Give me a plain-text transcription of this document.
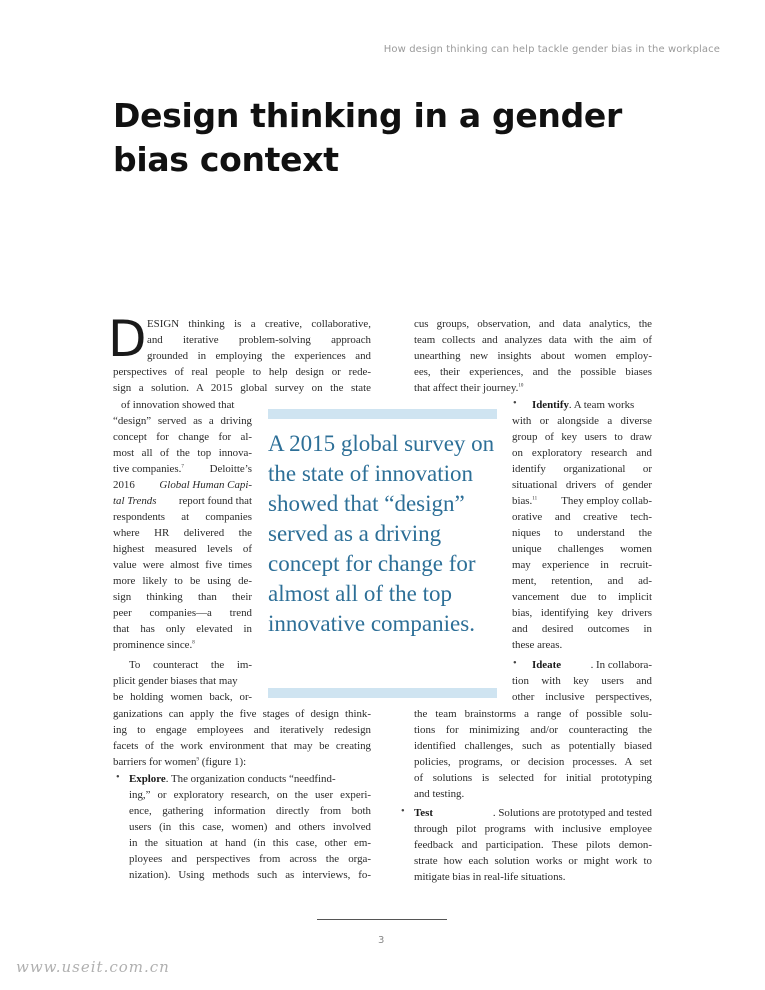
How design thinking can help tackle gender bias in the workplace
Design thinking in a gender bias context
D ESIGN thinking is a creative, collaborative,
and iterative problem-solving approach
grounded in employing the experiences and
perspectives of real people to help design or rede-
sign a solution. A 2015 global survey on the state
of innovation showed that
“design” served as a driving
concept for change for al-
most all of the top innova-
tive companies.$^7$ Deloitte’s
2016 Global Human Capi-
tal Trends report found that
respondents at companies
where HR delivered the
highest measured levels of
value were almost five times
more likely to be using de-
sign thinking than their
peer companies—a trend
that has only elevated in
prominence since.$^8$
To counteract the im-
plicit gender biases that may
be holding women back, or-
ganizations can apply the five stages of design think-
ing to engage employees and iteratively redesign
facets of the work environment that may be creating
barriers for women$^9$ (figure 1):
• Explore. The organization conducts “needfind-
ing,” or exploratory research, on the user experi-
ence, gathering information directly from both
users (in this case, women) and others involved
in the situation at hand (in this case, other em-
ployees and perspectives from across the orga-
nization). Using methods such as interviews, fo-

A 2015 global survey on the state of innovation showed that “design” served as a driving concept for change for almost all of the top innovative companies.

cus groups, observation, and data analytics, the
team collects and analyzes data with the aim of
unearthing new insights about women employ-
ees, their experiences, and the possible biases
that affect their journey.$^{10}$
• Identify. A team works
with or alongside a diverse
group of key users to draw
on exploratory research and
identify organizational or
situational drivers of gender
bias.$^{11}$ They employ collab-
orative and creative tech-
niques to understand the
unique challenges women
may experience in recruit-
ment, retention, and ad-
vancement due to implicit
bias, identifying key drivers
and desired outcomes in
these areas.
• Ideate	. In collabora-
tion with key users and
other inclusive perspectives,
the team brainstorms a range of possible solu-
tions for minimizing and/or counteracting the
identified challenges, such as potentially biased
policies, programs, or decision processes. A set
of solutions is selected for initial prototyping
and testing.
• Test	. Solutions are prototyped and tested
through pilot programs with inclusive employee
feedback and participation. These pilots demon-
strate how each solution works or might work to
mitigate bias in real-life situations.
3
www.useit.com.cn
